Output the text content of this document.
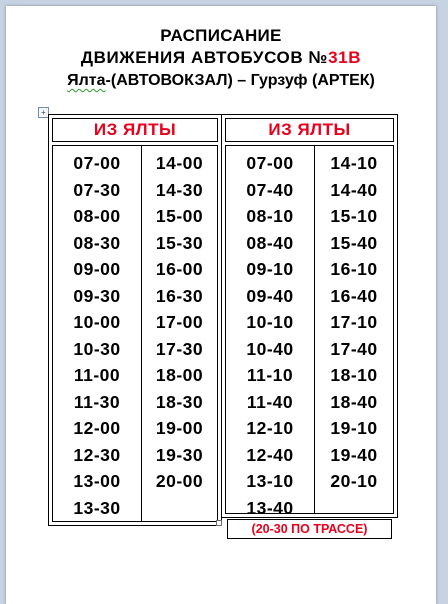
РАСПИСАНИЕ
ДВИЖЕНИЯ АВТОБУСОВ №31В
Ялта-(АВТОВОКЗАЛ) – Гурзуф (АРТЕК)
+
ИЗ ЯЛТЫ
07-00
07-30
08-00
08-30
09-00
09-30
10-00
10-30
11-00
11-30
12-00
12-30
13-00
13-30
14-00
14-30
15-00
15-30
16-00
16-30
17-00
17-30
18-00
18-30
19-00
19-30
20-00
ИЗ ЯЛТЫ
07-00
07-40
08-10
08-40
09-10
09-40
10-10
10-40
11-10
11-40
12-10
12-40
13-10
13-40
14-10
14-40
15-10
15-40
16-10
16-40
17-10
17-40
18-10
18-40
19-10
19-40
20-10
(20-30 ПО ТРАССЕ)
